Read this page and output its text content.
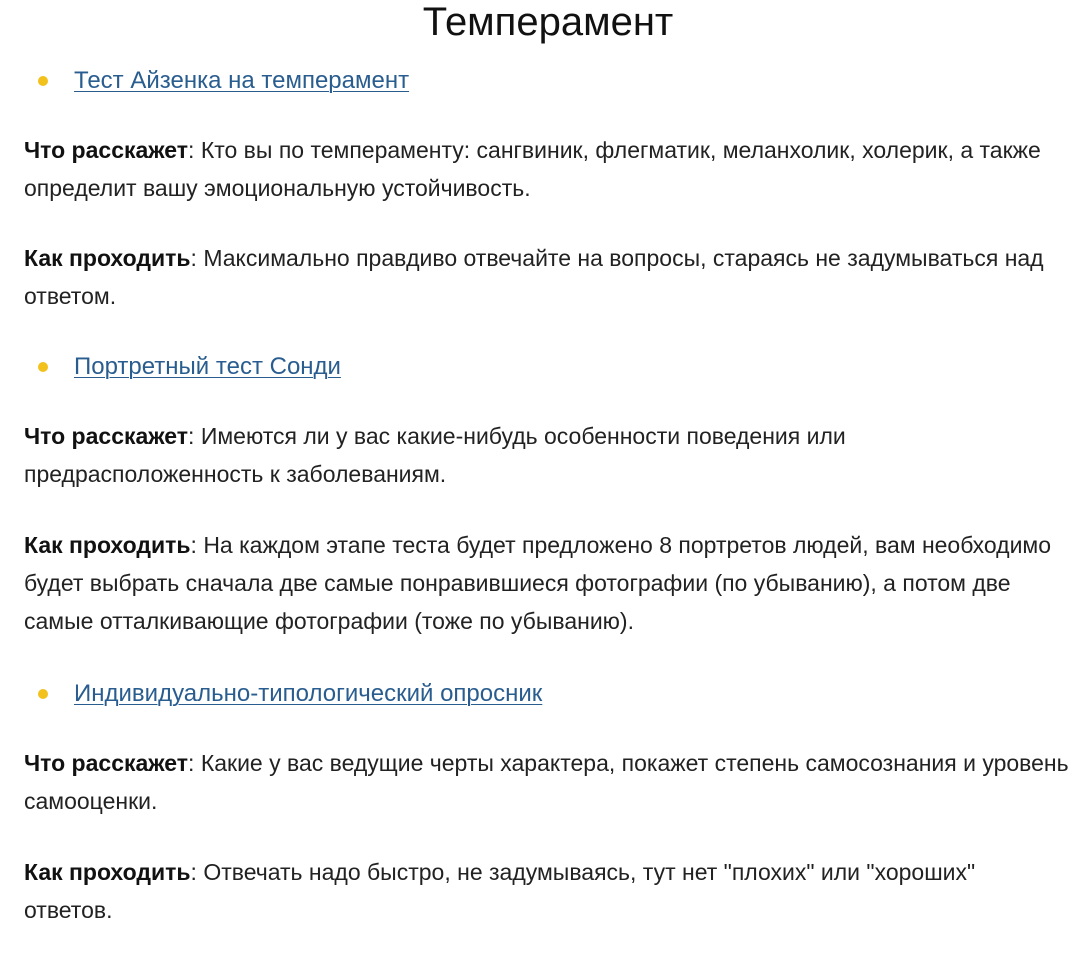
Темперамент
Тест Айзенка на темперамент

Что расскажет: Кто вы по темпераменту: сангвиник, флегматик, меланхолик, холерик, а также определит вашу эмоциональную устойчивость.

Как проходить: Максимально правдиво отвечайте на вопросы, стараясь не задумываться над ответом.

Портретный тест Сонди

Что расскажет: Имеются ли у вас какие-нибудь особенности поведения или предрасположенность к заболеваниям.

Как проходить: На каждом этапе теста будет предложено 8 портретов людей, вам необходимо будет выбрать сначала две самые понравившиеся фотографии (по убыванию), а потом две самые отталкивающие фотографии (тоже по убыванию).

Индивидуально-типологический опросник

Что расскажет: Какие у вас ведущие черты характера, покажет степень самосознания и уровень самооценки.

Как проходить: Отвечать надо быстро, не задумываясь, тут нет "плохих" или "хороших" ответов.
